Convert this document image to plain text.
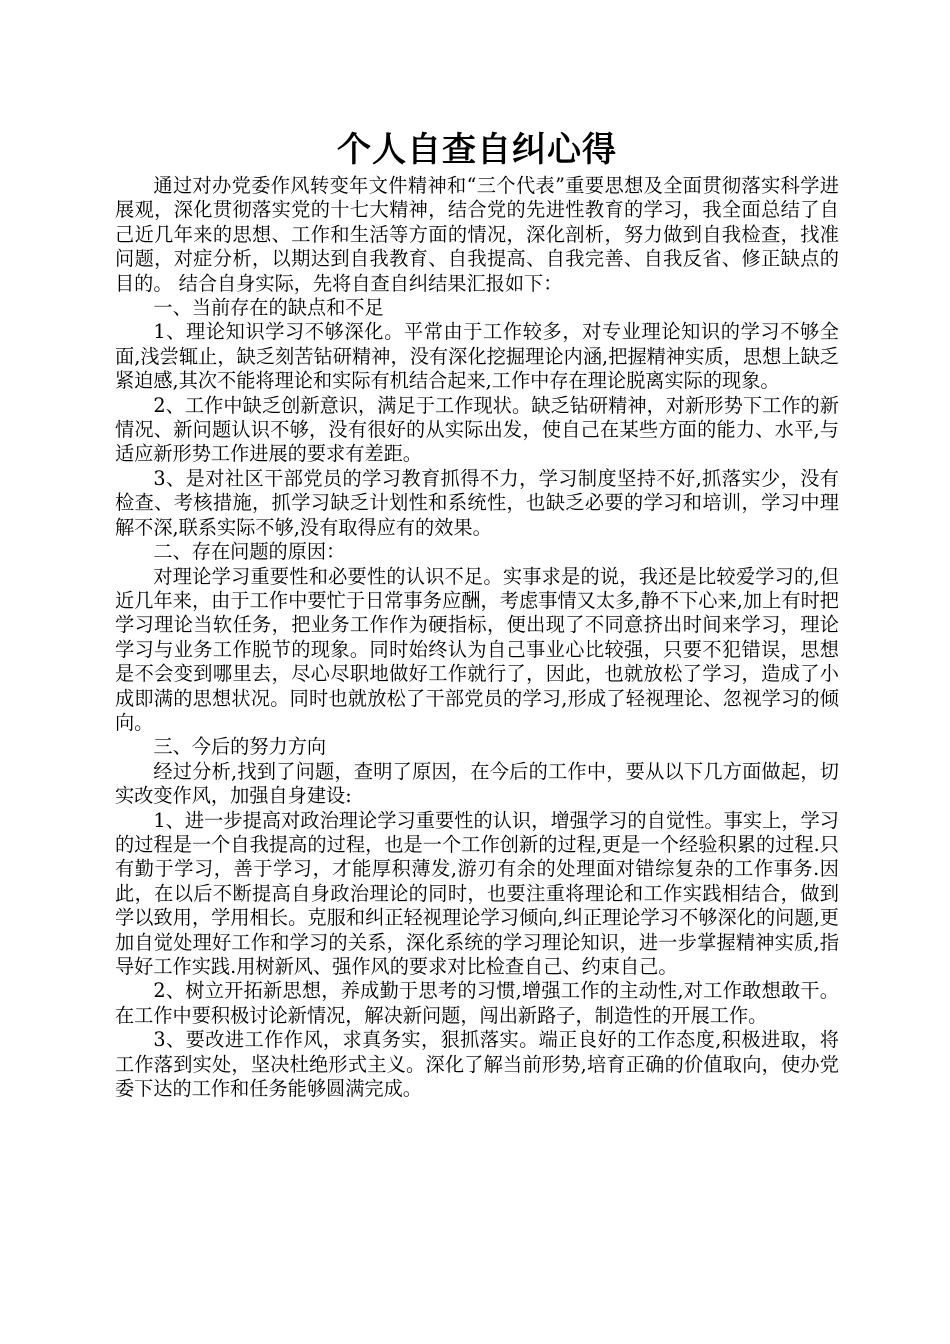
个人自查自纠心得

通过对办党委作风转变年文件精神和“三个代表”重要思想及全面贯彻落实科学进展观，深化贯彻落实党的十七大精神，结合党的先进性教育的学习，我全面总结了自己近几年来的思想、工作和生活等方面的情况，深化剖析，努力做到自我检查，找准问题，对症分析，以期达到自我教育、自我提高、自我完善、自我反省、修正缺点的目的。 结合自身实际，先将自查自纠结果汇报如下：

一、当前存在的缺点和不足

1、理论知识学习不够深化。平常由于工作较多，对专业理论知识的学习不够全面,浅尝辄止，缺乏刻苦钻研精神，没有深化挖掘理论内涵,把握精神实质，思想上缺乏紧迫感,其次不能将理论和实际有机结合起来,工作中存在理论脱离实际的现象。

2、工作中缺乏创新意识，满足于工作现状。缺乏钻研精神，对新形势下工作的新情况、新问题认识不够，没有很好的从实际出发，使自己在某些方面的能力、水平,与适应新形势工作进展的要求有差距。

3、是对社区干部党员的学习教育抓得不力，学习制度坚持不好,抓落实少，没有检查、考核措施，抓学习缺乏计划性和系统性，也缺乏必要的学习和培训，学习中理解不深,联系实际不够,没有取得应有的效果。

二、存在问题的原因：

对理论学习重要性和必要性的认识不足。实事求是的说，我还是比较爱学习的,但近几年来，由于工作中要忙于日常事务应酬，考虑事情又太多,静不下心来,加上有时把学习理论当软任务，把业务工作作为硬指标，便出现了不同意挤出时间来学习，理论学习与业务工作脱节的现象。同时始终认为自己事业心比较强，只要不犯错误，思想是不会变到哪里去，尽心尽职地做好工作就行了，因此，也就放松了学习，造成了小成即满的思想状况。同时也就放松了干部党员的学习,形成了轻视理论、忽视学习的倾向。

三、今后的努力方向

经过分析,找到了问题，查明了原因，在今后的工作中，要从以下几方面做起，切实改变作风，加强自身建设:

1、进一步提高对政治理论学习重要性的认识，增强学习的自觉性。事实上，学习的过程是一个自我提高的过程，也是一个工作创新的过程,更是一个经验积累的过程.只有勤于学习，善于学习，才能厚积薄发,游刃有余的处理面对错综复杂的工作事务.因此，在以后不断提高自身政治理论的同时，也要注重将理论和工作实践相结合，做到学以致用，学用相长。克服和纠正轻视理论学习倾向,纠正理论学习不够深化的问题,更加自觉处理好工作和学习的关系，深化系统的学习理论知识，进一步掌握精神实质,指导好工作实践.用树新风、强作风的要求对比检查自己、约束自己。

2、树立开拓新思想，养成勤于思考的习惯,增强工作的主动性,对工作敢想敢干。在工作中要积极讨论新情况，解决新问题，闯出新路子，制造性的开展工作。

3、要改进工作作风，求真务实，狠抓落实。端正良好的工作态度,积极进取，将工作落到实处，坚决杜绝形式主义。深化了解当前形势,培育正确的价值取向，使办党委下达的工作和任务能够圆满完成。
